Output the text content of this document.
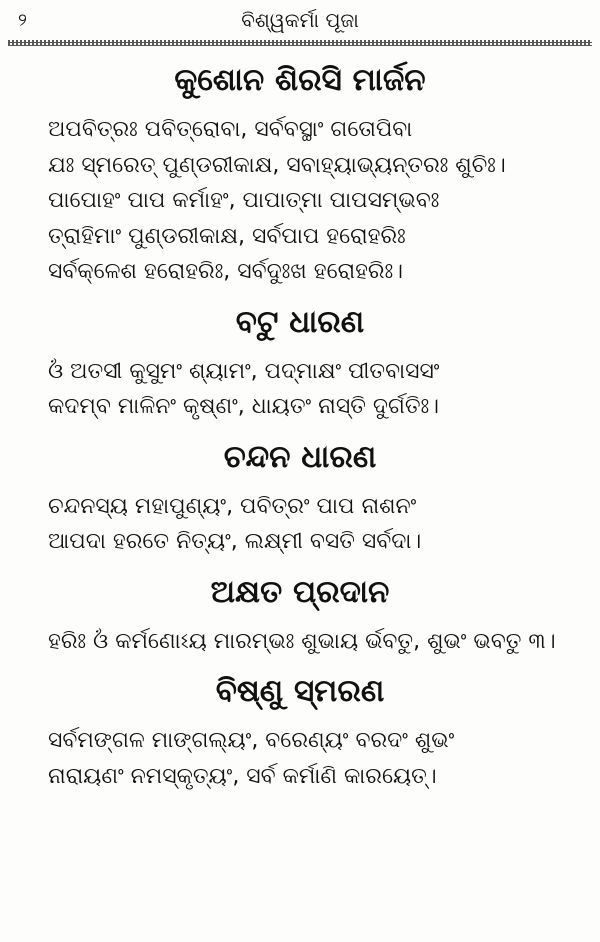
୨	ବିଶ୍ୱକର୍ମା ପୂଜା
କୁଶୋନ ଶିରସି ମାର୍ଜନ
ଅପବିତ୍ରଃ ପବିତ୍ରୋବା, ସର୍ବବସ୍ଥାଂ ଗତୋପିବା
ଯଃ ସ୍ମରେତ୍ ପୁଣ୍ଡରୀକାକ୍ଷ, ସବାହ୍ୟାଭ୍ୟନ୍ତରଃ ଶୁଚିଃ।
ପାପୋହଂ ପାପ କର୍ମାହଂ, ପାପାତ୍ମା ପାପସମ୍ଭବଃ
ତ୍ରାହିମାଂ ପୁଣ୍ଡରୀକାକ୍ଷ, ସର୍ବପାପ ହରୋହରିଃ
ସର୍ବକ୍ଳେଶ ହରୋହରିଃ, ସର୍ବଦୁଃଖ ହରୋହରିଃ।
ବଟୁ ଧାରଣ
ଓଁ ଅତସୀ କୁସୁମଂ ଶ୍ୟାମଂ, ପଦ୍ମାକ୍ଷଂ ପୀତବାସସଂ
କଦମ୍ବ ମାଳିନଂ କୃଷ୍ଣଂ, ଧାୟତଂ ନାସ୍ତି ଦୁର୍ଗତିଃ।
ଚନ୍ଦନ ଧାରଣ
ଚନ୍ଦନସ୍ୟ ମହାପୁଣ୍ୟଂ, ପବିତ୍ରଂ ପାପ ନାଶନଂ
ଆପଦା ହରତେ ନିତ୍ୟଂ, ଲକ୍ଷ୍ମୀ ବସତି ସର୍ବଦା।
ଅକ୍ଷତ ପ୍ରଦାନ
ହରିଃ ଓଁ କର୍ମଣୋଽୟ ମାରମ୍ଭଃ ଶୁଭାୟ ର୍ଭବତୁ, ଶୁଭଂ ଭବତୁ ୩।
ବିଷ୍ଣୁ ସ୍ମରଣ
ସର୍ବମଙ୍ଗଳ ମାଙ୍ଗଲ୍ୟଂ, ବରେଣ୍ୟଂ ବରଦଂ ଶୁଭଂ
ନାରାୟଣଂ ନମସ୍କୃତ୍ୟଂ, ସର୍ବ କର୍ମାଣି କାରୟେତ୍।
